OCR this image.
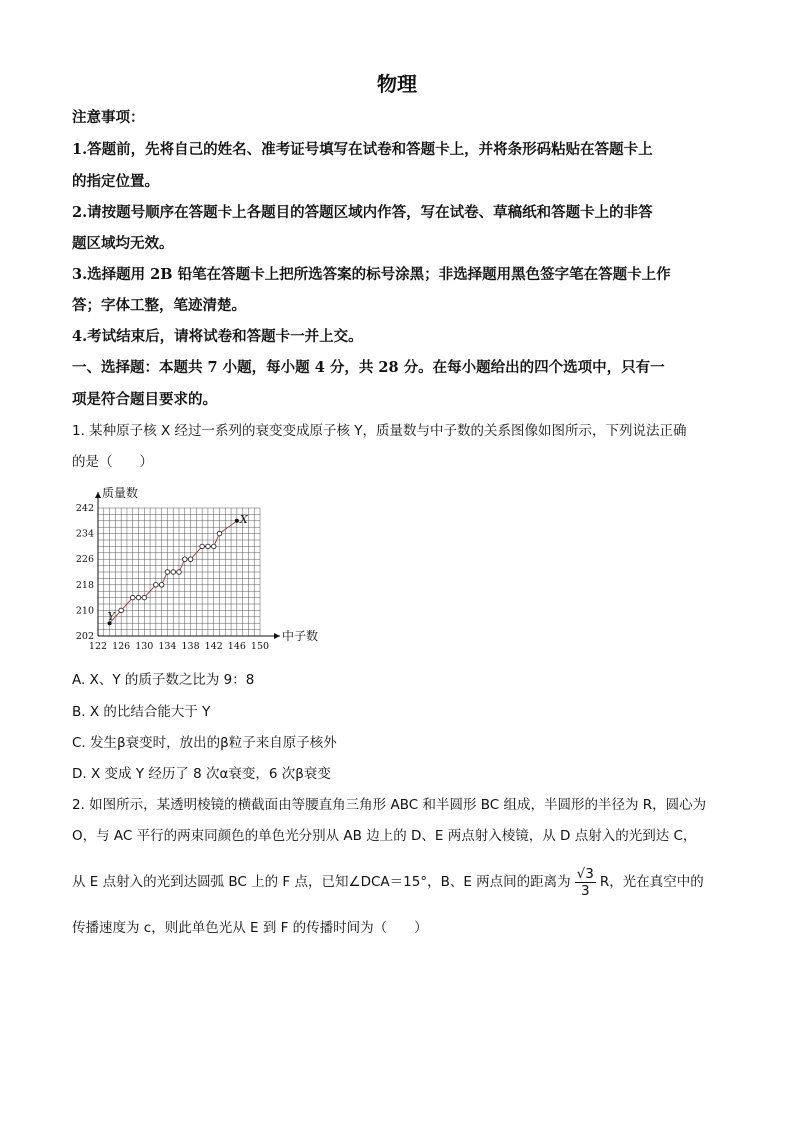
物理
注意事项：
1.答题前，先将自己的姓名、准考证号填写在试卷和答题卡上，并将条形码粘贴在答题卡上
的指定位置。
2.请按题号顺序在答题卡上各题目的答题区域内作答，写在试卷、草稿纸和答题卡上的非答
题区域均无效。
3.选择题用 2B 铅笔在答题卡上把所选答案的标号涂黑；非选择题用黑色签字笔在答题卡上作
答；字体工整，笔迹清楚。
4.考试结束后，请将试卷和答题卡一并上交。
一、选择题：本题共 7 小题，每小题 4 分，共 28 分。在每小题给出的四个选项中，只有一
项是符合题目要求的。
1. 某种原子核 X 经过一系列的衰变变成原子核 Y，质量数与中子数的关系图像如图所示，下列说法正确
的是（　　）
122 126 130 134 138 142 146 150
202
210
218
226
234
242
X
Y
质量数
中子数
A. X、Y 的质子数之比为 9：8
B. X 的比结合能大于 Y
C. 发生β衰变时，放出的β粒子来自原子核外
D. X 变成 Y 经历了 8 次α衰变，6 次β衰变
2. 如图所示，某透明棱镜的横截面由等腰直角三角形 ABC 和半圆形 BC 组成，半圆形的半径为 R，圆心为
O，与 AC 平行的两束同颜色的单色光分别从 AB 边上的 D、E 两点射入棱镜，从 D 点射入的光到达 C，
从 E 点射入的光到达圆弧 BC 上的 F 点，已知∠DCA＝15°，B、E 两点间的距离为 $\frac{√3}{3}$ R，光在真空中的
传播速度为 c，则此单色光从 E 到 F 的传播时间为（　　）
